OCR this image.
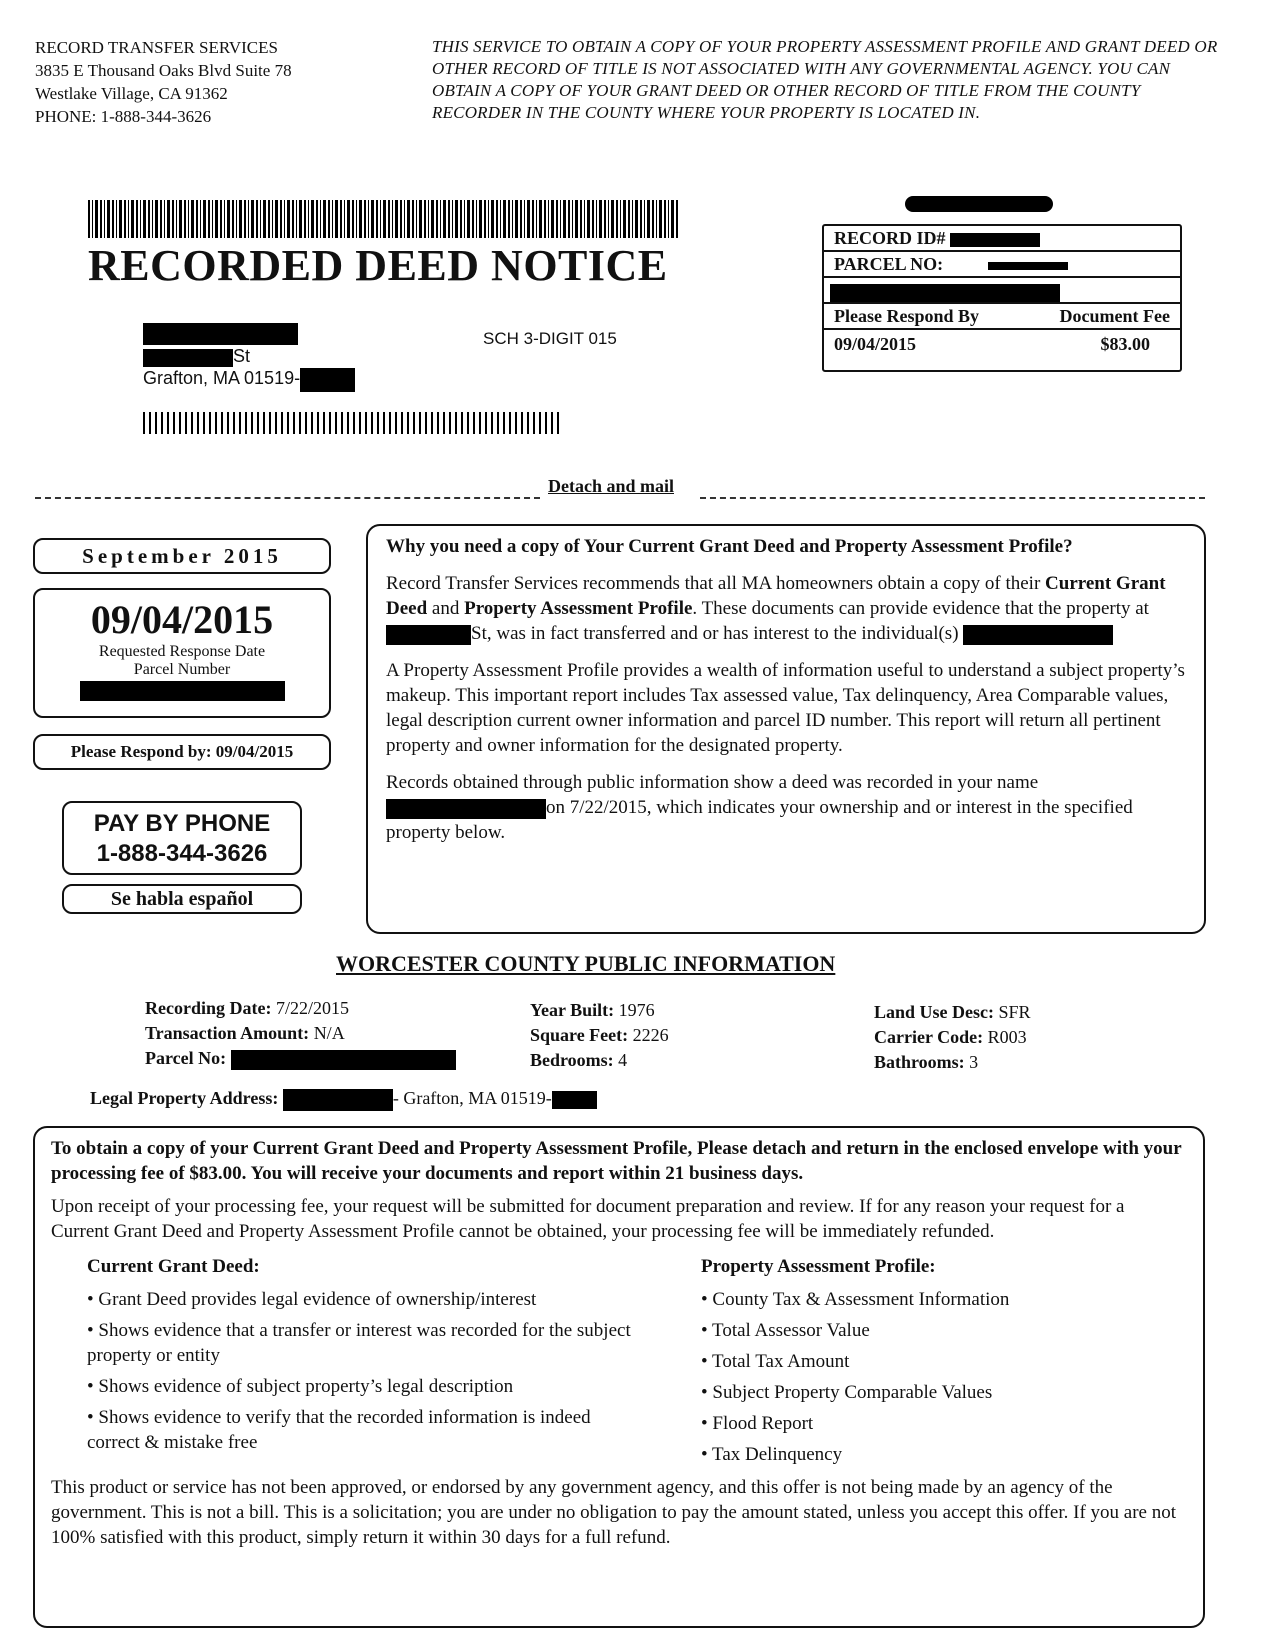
RECORD TRANSFER SERVICES
3835 E Thousand Oaks Blvd Suite 78
Westlake Village, CA 91362
PHONE: 1-888-344-3626
THIS SERVICE TO OBTAIN A COPY OF YOUR PROPERTY ASSESSMENT PROFILE AND GRANT DEED OR OTHER RECORD OF TITLE IS NOT ASSOCIATED WITH ANY GOVERNMENTAL AGENCY. YOU CAN OBTAIN A COPY OF YOUR GRANT DEED OR OTHER RECORD OF TITLE FROM THE COUNTY RECORDER IN THE COUNTY WHERE YOUR PROPERTY IS LOCATED IN.
RECORDED DEED NOTICE
RECORD ID#
PARCEL NO:
Please Respond By	Document Fee
09/04/2015	$83.00
St
Grafton, MA 01519-
SCH 3-DIGIT 015
Detach and mail
September 2015
09/04/2015
Requested Response Date
Parcel Number
Please Respond by: 09/04/2015
PAY BY PHONE
1-888-344-3626
Se habla español
Why you need a copy of Your Current Grant Deed and Property Assessment Profile?

Record Transfer Services recommends that all MA homeowners obtain a copy of their Current Grant Deed and Property Assessment Profile. These documents can provide evidence that the property at St, was in fact transferred and or has interest to the individual(s)

A Property Assessment Profile provides a wealth of information useful to understand a subject property’s makeup. This important report includes Tax assessed value, Tax delinquency, Area Comparable values, legal description current owner information and parcel ID number. This report will return all pertinent property and owner information for the designated property.

Records obtained through public information show a deed was recorded in your name on 7/22/2015, which indicates your ownership and or interest in the specified property below.

WORCESTER COUNTY PUBLIC INFORMATION
Recording Date: 7/22/2015
Transaction Amount: N/A
Parcel No:
Year Built: 1976
Square Feet: 2226
Bedrooms: 4
Land Use Desc: SFR
Carrier Code: R003
Bathrooms: 3
Legal Property Address:	- Grafton, MA 01519-
To obtain a copy of your Current Grant Deed and Property Assessment Profile, Please detach and return in the enclosed envelope with your processing fee of $83.00. You will receive your documents and report within 21 business days.
Upon receipt of your processing fee, your request will be submitted for document preparation and review. If for any reason your request for a Current Grant Deed and Property Assessment Profile cannot be obtained, your processing fee will be immediately refunded.
Current Grant Deed:
• Grant Deed provides legal evidence of ownership/interest
• Shows evidence that a transfer or interest was recorded for the subject property or entity
• Shows evidence of subject property’s legal description
• Shows evidence to verify that the recorded information is indeed correct & mistake free
Property Assessment Profile:
• County Tax & Assessment Information
• Total Assessor Value
• Total Tax Amount
• Subject Property Comparable Values
• Flood Report
• Tax Delinquency
This product or service has not been approved, or endorsed by any government agency, and this offer is not being made by an agency of the government. This is not a bill. This is a solicitation; you are under no obligation to pay the amount stated, unless you accept this offer. If you are not 100% satisfied with this product, simply return it within 30 days for a full refund.
